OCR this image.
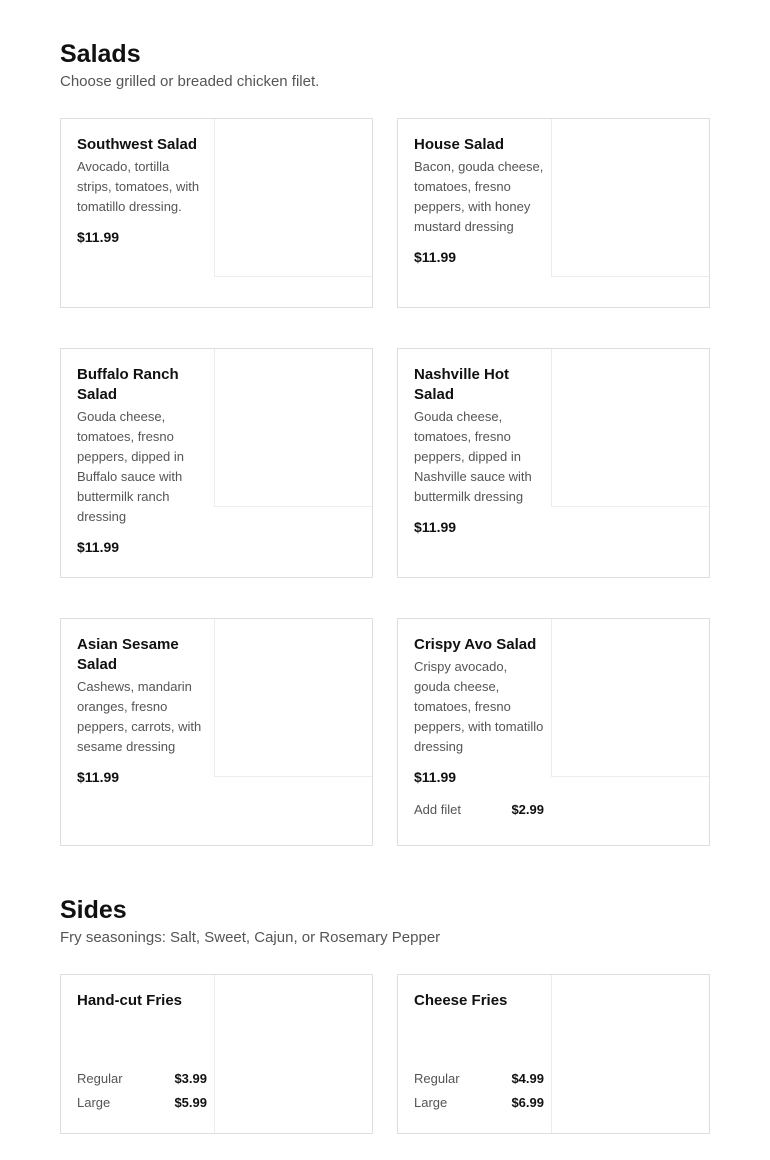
Salads

Choose grilled or breaded chicken filet.

Southwest Salad

Avocado, tortilla strips, tomatoes, with tomatillo dressing.

$11.99

House Salad

Bacon, gouda cheese, tomatoes, fresno peppers, with honey mustard dressing

$11.99

Buffalo Ranch Salad

Gouda cheese, tomatoes, fresno peppers, dipped in Buffalo sauce with buttermilk ranch dressing

$11.99

Nashville Hot Salad

Gouda cheese, tomatoes, fresno peppers, dipped in Nashville sauce with buttermilk dressing

$11.99

Asian Sesame Salad

Cashews, mandarin oranges, fresno peppers, carrots, with sesame dressing

$11.99

Crispy Avo Salad

Crispy avocado, gouda cheese, tomatoes, fresno peppers, with tomatillo dressing

$11.99

Add filet	$2.99
Sides

Fry seasonings: Salt, Sweet, Cajun, or Rosemary Pepper

Hand-cut Fries

Regular	$3.99
Large	$5.99

Cheese Fries

Regular	$4.99
Large	$6.99
